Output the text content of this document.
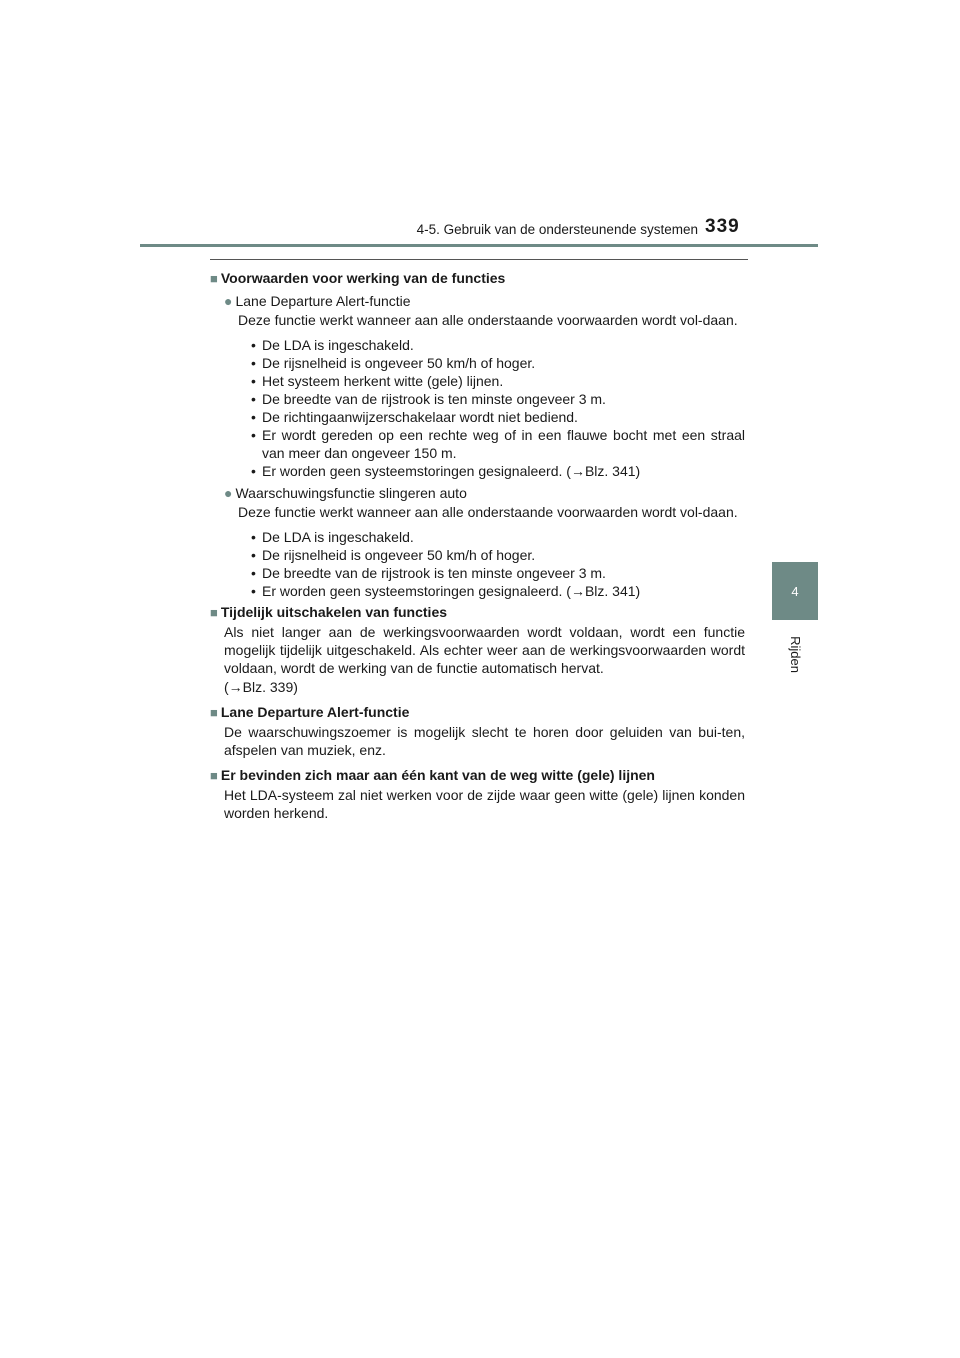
4-5. Gebruik van de ondersteunende systemen 339
4
Rijden
■ Voorwaarden voor werking van de functies
● Lane Departure Alert-functie
Deze functie werkt wanneer aan alle onderstaande voorwaarden wordt vol-daan.
• De LDA is ingeschakeld.
• De rijsnelheid is ongeveer 50 km/h of hoger.
• Het systeem herkent witte (gele) lijnen.
• De breedte van de rijstrook is ten minste ongeveer 3 m.
• De richtingaanwijzerschakelaar wordt niet bediend.
• Er wordt gereden op een rechte weg of in een flauwe bocht met een straal van meer dan ongeveer 150 m.
• Er worden geen systeemstoringen gesignaleerd. (→Blz. 341)
● Waarschuwingsfunctie slingeren auto
Deze functie werkt wanneer aan alle onderstaande voorwaarden wordt vol-daan.
• De LDA is ingeschakeld.
• De rijsnelheid is ongeveer 50 km/h of hoger.
• De breedte van de rijstrook is ten minste ongeveer 3 m.
• Er worden geen systeemstoringen gesignaleerd. (→Blz. 341)
■ Tijdelijk uitschakelen van functies
Als niet langer aan de werkingsvoorwaarden wordt voldaan, wordt een functie mogelijk tijdelijk uitgeschakeld. Als echter weer aan de werkingsvoorwaarden wordt voldaan, wordt de werking van de functie automatisch hervat.
(→Blz. 339)
■ Lane Departure Alert-functie
De waarschuwingszoemer is mogelijk slecht te horen door geluiden van bui-ten, afspelen van muziek, enz.
■ Er bevinden zich maar aan één kant van de weg witte (gele) lijnen
Het LDA-systeem zal niet werken voor de zijde waar geen witte (gele) lijnen konden worden herkend.
